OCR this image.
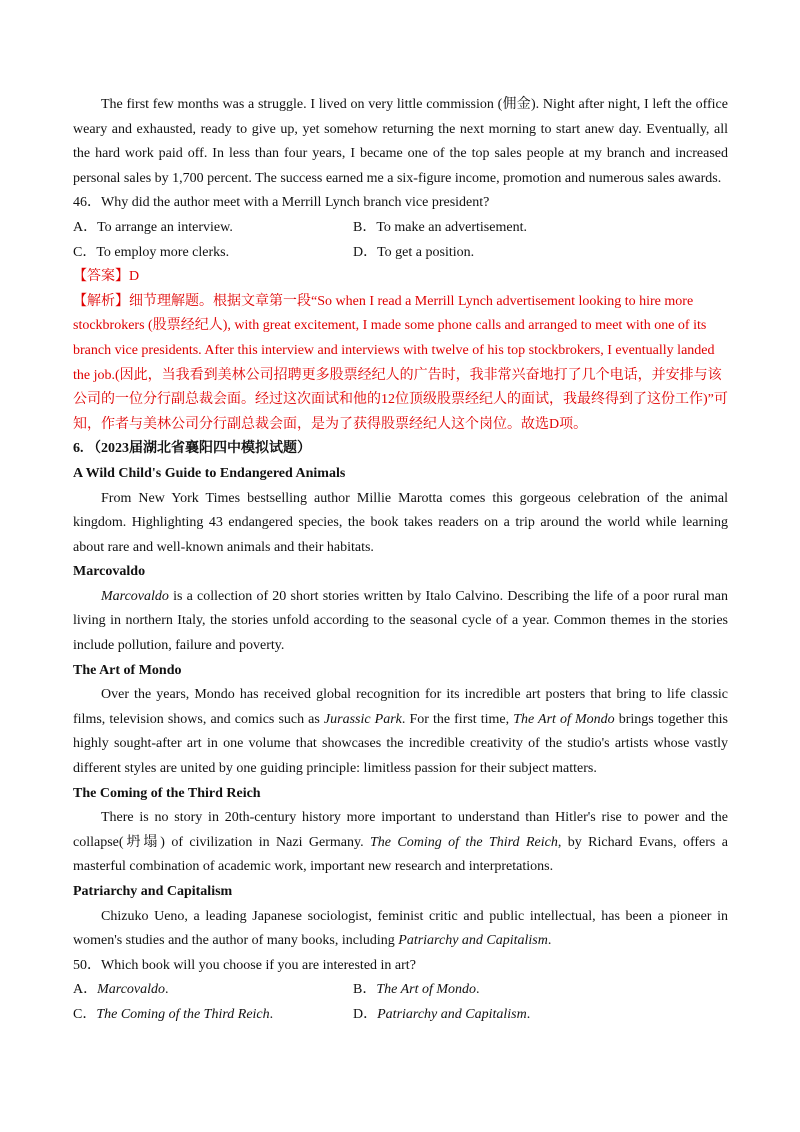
The first few months was a struggle. I lived on very little commission (佣金). Night after night, I left the office weary and exhausted, ready to give up, yet somehow returning the next morning to start anew day. Eventually, all the hard work paid off. In less than four years, I became one of the top sales people at my branch and increased personal sales by 1,700 percent. The success earned me a six-figure income, promotion and numerous sales awards.

46．Why did the author meet with a Merrill Lynch branch vice president?

A．To arrange an interview.	B．To make an advertisement.
C．To employ more clerks.	D．To get a position.

【答案】D

【解析】细节理解题。根据文章第一段“So when I read a Merrill Lynch advertisement looking to hire more stockbrokers (股票经纪人), with great excitement, I made some phone calls and arranged to meet with one of its branch vice presidents. After this interview and interviews with twelve of his top stockbrokers, I eventually landed the job.(因此，当我看到美林公司招聘更多股票经纪人的广告时，我非常兴奋地打了几个电话，并安排与该公司的一位分行副总裁会面。经过这次面试和他的12位顶级股票经纪人的面试，我最终得到了这份工作)”可知，作者与美林公司分行副总裁会面，是为了获得股票经纪人这个岗位。故选D项。

6. （2023届湖北省襄阳四中模拟试题）

A Wild Child's Guide to Endangered Animals

From New York Times bestselling author Millie Marotta comes this gorgeous celebration of the animal kingdom. Highlighting 43 endangered species, the book takes readers on a trip around the world while learning about rare and well-known animals and their habitats.

Marcovaldo

Marcovaldo is a collection of 20 short stories written by Italo Calvino. Describing the life of a poor rural man living in northern Italy, the stories unfold according to the seasonal cycle of a year. Common themes in the stories include pollution, failure and poverty.

The Art of Mondo

Over the years, Mondo has received global recognition for its incredible art posters that bring to life classic films, television shows, and comics such as Jurassic Park. For the first time, The Art of Mondo brings together this highly sought-after art in one volume that showcases the incredible creativity of the studio's artists whose vastly different styles are united by one guiding principle: limitless passion for their subject matters.

The Coming of the Third Reich

There is no story in 20th-century history more important to understand than Hitler's rise to power and the collapse(坍塌) of civilization in Nazi Germany. The Coming of the Third Reich, by Richard Evans, offers a masterful combination of academic work, important new research and interpretations.

Patriarchy and Capitalism

Chizuko Ueno, a leading Japanese sociologist, feminist critic and public intellectual, has been a pioneer in women's studies and the author of many books, including Patriarchy and Capitalism.

50．Which book will you choose if you are interested in art?

A．Marcovaldo.	B．The Art of Mondo.
C．The Coming of the Third Reich.	D．Patriarchy and Capitalism.
